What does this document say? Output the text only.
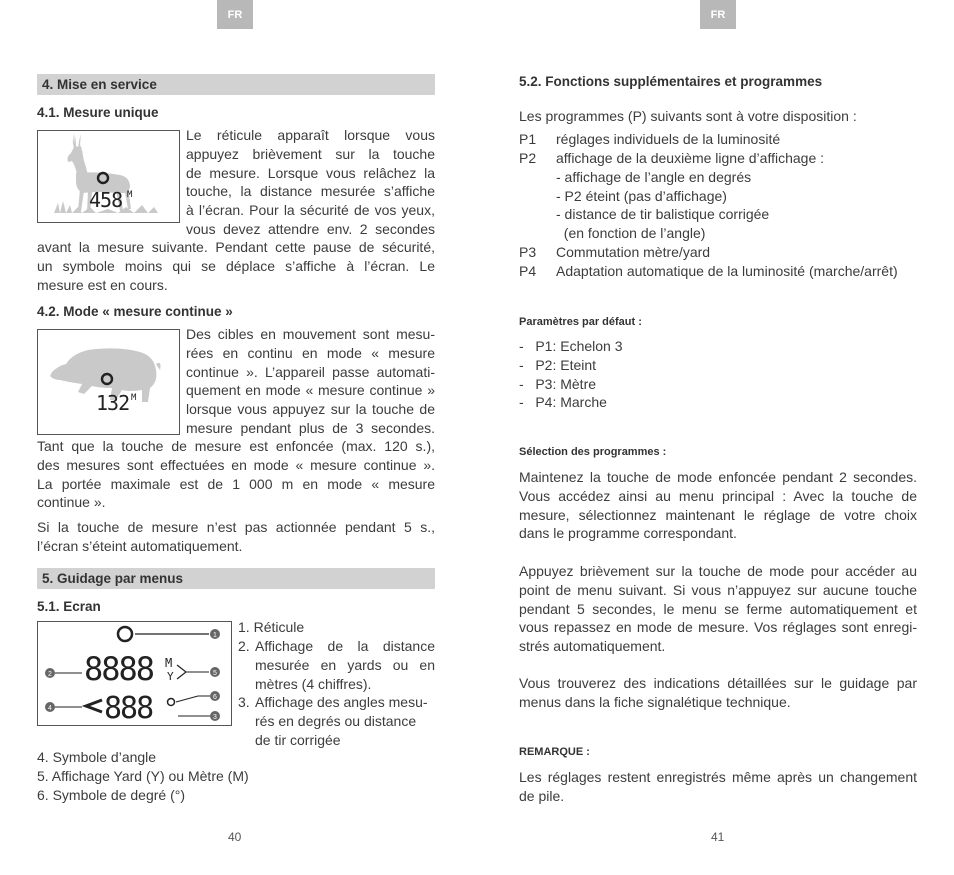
FR	FR
4. Mise en service
4.1. Mesure unique
458 M
Le réticule apparaît lorsque vous
appuyez brièvement sur la touche
de mesure. Lorsque vous relâchez la
touche, la distance mesurée s’affiche
à l’écran. Pour la sécurité de vos yeux,
vous devez attendre env. 2 secondes
avant la mesure suivante. Pendant cette pause de sécurité,
un symbole moins qui se déplace s’affiche à l’écran. Le
mesure est en cours.
4.2. Mode « mesure continue »
132 M
Des cibles en mouvement sont mesu-
rées en continu en mode « mesure
continue ». L’appareil passe automati-
quement en mode « mesure continue »
lorsque vous appuyez sur la touche de
mesure pendant plus de 3 secondes.
Tant que la touche de mesure est enfoncée (max. 120 s.),
des mesures sont effectuées en mode « mesure continue ».
La portée maximale est de 1 000 m en mode « mesure
continue ».
Si la touche de mesure n’est pas actionnée pendant 5 s.,
l’écran s’éteint automatiquement.
5. Guidage par menus
5.1. Ecran
1
8888 M
Y	5
2
888
4
6
3
1. Réticule
2. Affichage de la distance
mesurée en yards ou en
mètres (4 chiffres).
3. Affichage des angles mesu-
rés en degrés ou distance
de tir corrigée
4. Symbole d’angle
5. Affichage Yard (Y) ou Mètre (M)
6. Symbole de degré (°)
40
5.2. Fonctions supplémentaires et programmes
Les programmes (P) suivants sont à votre disposition :
P1 réglages individuels de la luminosité
P2 affichage de la deuxième ligne d’affichage :
- affichage de l’angle en degrés
- P2 éteint (pas d’affichage)
- distance de tir balistique corrigée
(en fonction de l’angle)
P3 Commutation mètre/yard
P4 Adaptation automatique de la luminosité (marche/arrêt)
Paramètres par défaut :
-   P1: Echelon 3
-   P2: Eteint
-   P3: Mètre
-   P4: Marche
Sélection des programmes :
Maintenez la touche de mode enfoncée pendant 2 secondes.
Vous accédez ainsi au menu principal : Avec la touche de
mesure, sélectionnez maintenant le réglage de votre choix
dans le programme correspondant.
Appuyez brièvement sur la touche de mode pour accéder au
point de menu suivant. Si vous n’appuyez sur aucune touche
pendant 5 secondes, le menu se ferme automatiquement et
vous repassez en mode de mesure. Vos réglages sont enregi-
strés automatiquement.
Vous trouverez des indications détaillées sur le guidage par
menus dans la fiche signalétique technique.
REMARQUE :
Les réglages restent enregistrés même après un changement
de pile.
41
